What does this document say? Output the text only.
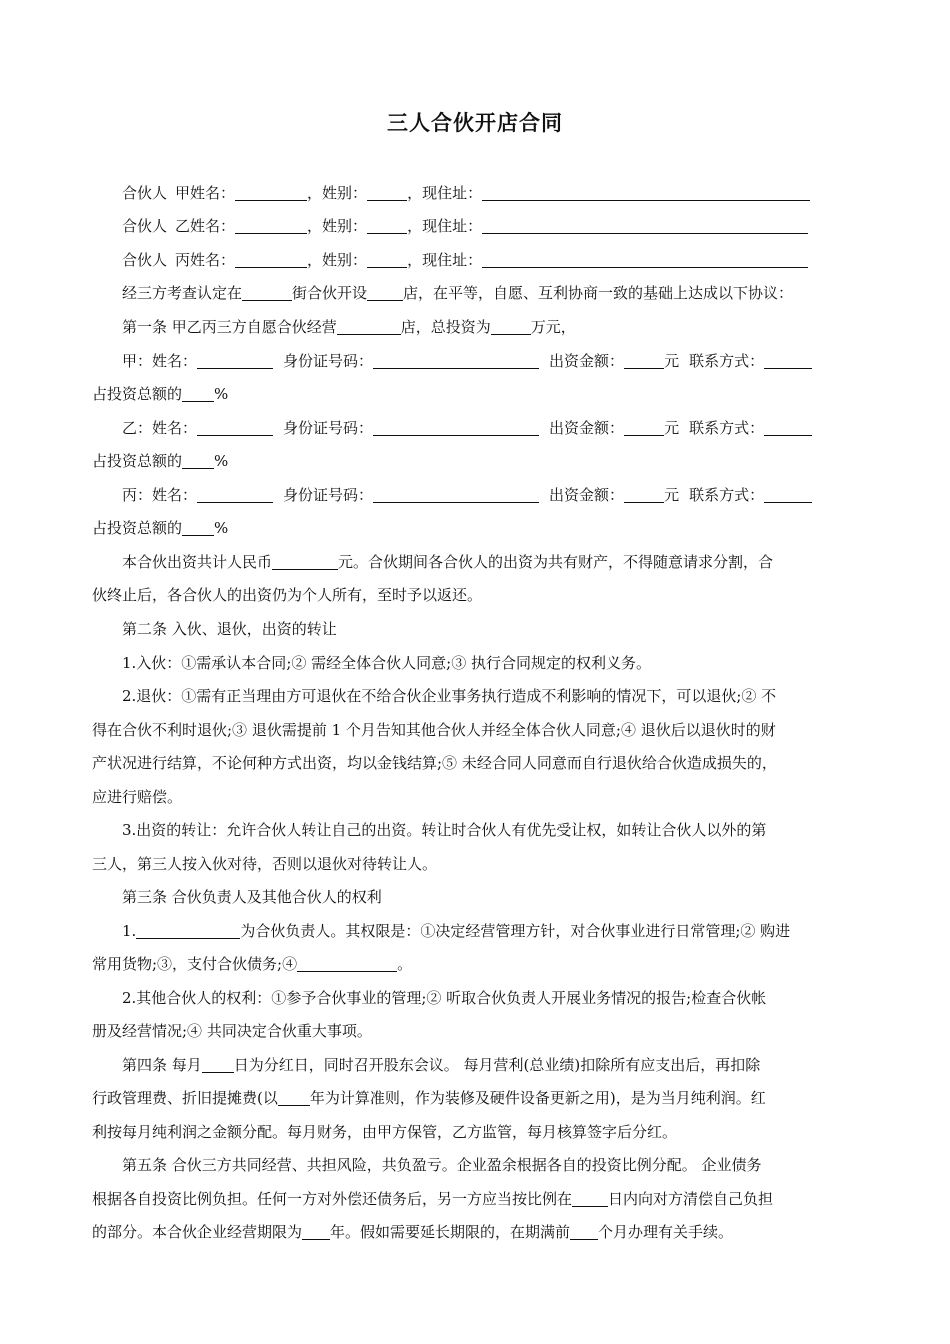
三人合伙开店合同
合伙人 甲姓名：	，姓别：	，现住址：
合伙人 乙姓名：	，姓别：	，现住址：
合伙人 丙姓名：	，姓别：	，现住址：
经三方考查认定在	街合伙开设 店，在平等，自愿、互利协商一致的基础上达成以下协议：
第一条 甲乙丙三方自愿合伙经营	店，总投资为	万元，
甲：姓名：	身份证号码：	出资金额：	元 联系方式：
占投资总额的 %
乙：姓名：	身份证号码：	出资金额：	元 联系方式：
占投资总额的 %
丙：姓名：	身份证号码：	出资金额：	元 联系方式：
占投资总额的 %
本合伙出资共计人民币	元。合伙期间各合伙人的出资为共有财产，不得随意请求分割，合
伙终止后，各合伙人的出资仍为个人所有，至时予以返还。
第二条 入伙、退伙，出资的转让
1.入伙：①需承认本合同;② 需经全体合伙人同意;③ 执行合同规定的权利义务。
2.退伙：①需有正当理由方可退伙在不给合伙企业事务执行造成不利影响的情况下，可以退伙;② 不
得在合伙不利时退伙;③ 退伙需提前 1 个月告知其他合伙人并经全体合伙人同意;④ 退伙后以退伙时的财
产状况进行结算，不论何种方式出资，均以金钱结算;⑤ 未经合同人同意而自行退伙给合伙造成损失的，
应进行赔偿。
3.出资的转让：允许合伙人转让自己的出资。转让时合伙人有优先受让权，如转让合伙人以外的第
三人，第三人按入伙对待，否则以退伙对待转让人。
第三条 合伙负责人及其他合伙人的权利
1.	为合伙负责人。其权限是：①决定经营管理方针，对合伙事业进行日常管理;② 购进
常用货物;③，支付合伙债务;④	。
2.其他合伙人的权利：①参予合伙事业的管理;② 听取合伙负责人开展业务情况的报告;检查合伙帐
册及经营情况;④ 共同决定合伙重大事项。
第四条 每月 日为分红日，同时召开股东会议。 每月营利(总业绩)扣除所有应支出后，再扣除
行政管理费、折旧提摊费(以 年为计算准则，作为装修及硬件设备更新之用)，是为当月纯利润。红
利按每月纯利润之金额分配。每月财务，由甲方保管，乙方监管，每月核算签字后分红。
第五条 合伙三方共同经营、共担风险，共负盈亏。企业盈余根据各自的投资比例分配。 企业债务
根据各自投资比例负担。任何一方对外偿还债务后，另一方应当按比例在 日内向对方清偿自己负担
的部分。本合伙企业经营期限为 年。假如需要延长期限的，在期满前 个月办理有关手续。
